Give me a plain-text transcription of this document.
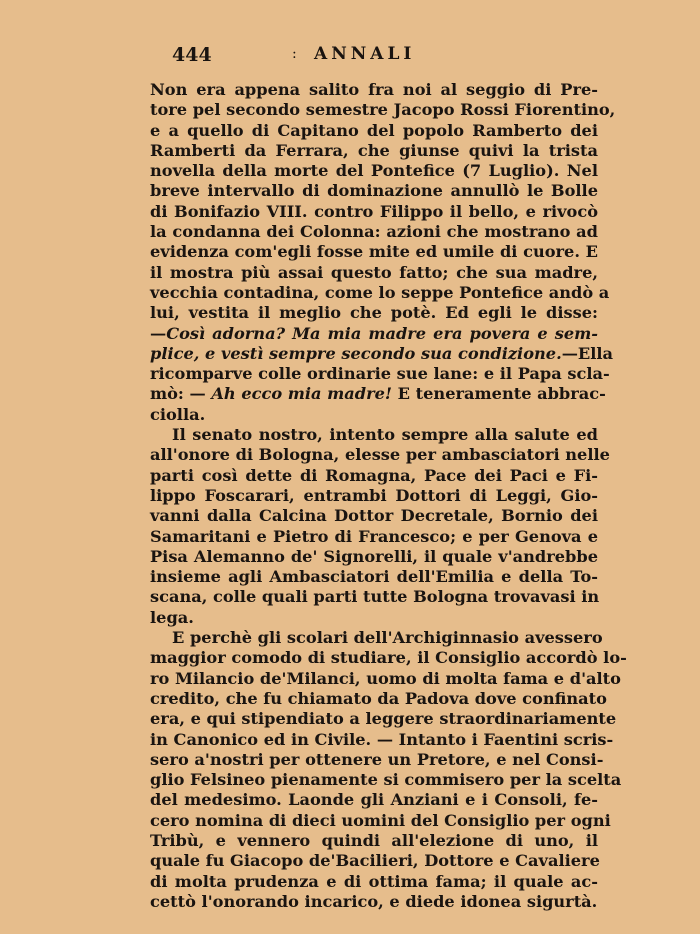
444	: ANNALI
Non era appena salito fra noi al seggio di Pre-
tore pel secondo semestre Jacopo Rossi Fiorentino,
e a quello di Capitano del popolo Ramberto dei
Ramberti da Ferrara, che giunse quivi la trista
novella della morte del Pontefice (7 Luglio). Nel
breve intervallo di dominazione annullò le Bolle
di Bonifazio VIII. contro Filippo il bello, e rivocò
la condanna dei Colonna: azioni che mostrano ad
evidenza com'egli fosse mite ed umile di cuore. E
il mostra più assai questo fatto; che sua madre,
vecchia contadina, come lo seppe Pontefice andò a
lui, vestita il meglio che potè. Ed egli le disse:
—Così adorna? Ma mia madre era povera e sem-
plice, e vestì sempre secondo sua condizione.—Ella
ricomparve colle ordinarie sue lane: e il Papa scla-
mò: — Ah ecco mia madre! E teneramente abbrac-
ciolla.
Il senato nostro, intento sempre alla salute ed
all'onore di Bologna, elesse per ambasciatori nelle
parti così dette di Romagna, Pace dei Paci e Fi-
lippo Foscarari, entrambi Dottori di Leggi, Gio-
vanni dalla Calcina Dottor Decretale, Bornio dei
Samaritani e Pietro di Francesco; e per Genova e
Pisa Alemanno de' Signorelli, il quale v'andrebbe
insieme agli Ambasciatori dell'Emilia e della To-
scana, colle quali parti tutte Bologna trovavasi in
lega.
E perchè gli scolari dell'Archiginnasio avessero
maggior comodo di studiare, il Consiglio accordò lo-
ro Milancio de'Milanci, uomo di molta fama e d'alto
credito, che fu chiamato da Padova dove confinato
era, e qui stipendiato a leggere straordinariamente
in Canonico ed in Civile. — Intanto i Faentini scris-
sero a'nostri per ottenere un Pretore, e nel Consi-
glio Felsineo pienamente si commisero per la scelta
del medesimo. Laonde gli Anziani e i Consoli, fe-
cero nomina di dieci uomini del Consiglio per ogni
Tribù, e vennero quindi all'elezione di uno, il
quale fu Giacopo de'Bacilieri, Dottore e Cavaliere
di molta prudenza e di ottima fama; il quale ac-
cettò l'onorando incarico, e diede idonea sigurtà.
